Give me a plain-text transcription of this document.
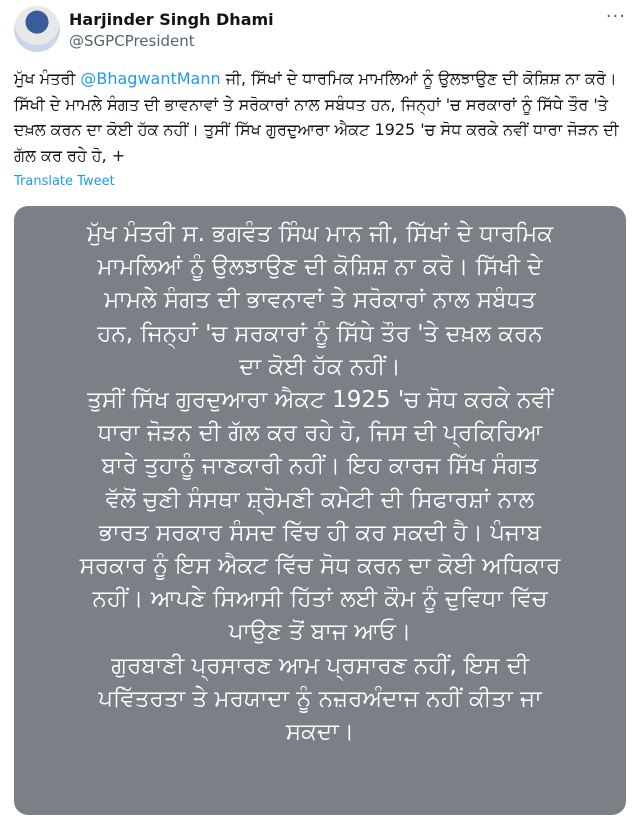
Harjinder Singh Dhami
@SGPCPresident
···
ਮੁੱਖ ਮੰਤਰੀ @BhagwantMann ਜੀ, ਸਿੱਖਾਂ ਦੇ ਧਾਰਮਿਕ ਮਾਮਲਿਆਂ ਨੂੰ ਉਲਝਾਉਣ ਦੀ ਕੋਸ਼ਿਸ਼ ਨਾ ਕਰੋ। ਸਿੱਖੀ ਦੇ ਮਾਮਲੇ ਸੰਗਤ ਦੀ ਭਾਵਨਾਵਾਂ ਤੇ ਸਰੋਕਾਰਾਂ ਨਾਲ ਸਬੰਧਤ ਹਨ, ਜਿਨ੍ਹਾਂ 'ਚ ਸਰਕਾਰਾਂ ਨੂੰ ਸਿੱਧੇ ਤੌਰ 'ਤੇ ਦਖ਼ਲ ਕਰਨ ਦਾ ਕੋਈ ਹੱਕ ਨਹੀਂ। ਤੁਸੀਂ ਸਿੱਖ ਗੁਰਦੁਆਰਾ ਐਕਟ 1925 'ਚ ਸੋਧ ਕਰਕੇ ਨਵੀਂ ਧਾਰਾ ਜੋੜਨ ਦੀ ਗੱਲ ਕਰ ਰਹੇ ਹੋ, +
Translate Tweet
ਮੁੱਖ ਮੰਤਰੀ ਸ. ਭਗਵੰਤ ਸਿੰਘ ਮਾਨ ਜੀ, ਸਿੱਖਾਂ ਦੇ ਧਾਰਮਿਕ
ਮਾਮਲਿਆਂ ਨੂੰ ਉਲਝਾਉਣ ਦੀ ਕੋਸ਼ਿਸ਼ ਨਾ ਕਰੋ। ਸਿੱਖੀ ਦੇ
ਮਾਮਲੇ ਸੰਗਤ ਦੀ ਭਾਵਨਾਵਾਂ ਤੇ ਸਰੋਕਾਰਾਂ ਨਾਲ ਸਬੰਧਤ
ਹਨ, ਜਿਨ੍ਹਾਂ 'ਚ ਸਰਕਾਰਾਂ ਨੂੰ ਸਿੱਧੇ ਤੌਰ 'ਤੇ ਦਖ਼ਲ ਕਰਨ
ਦਾ ਕੋਈ ਹੱਕ ਨਹੀਂ।
ਤੁਸੀਂ ਸਿੱਖ ਗੁਰਦੁਆਰਾ ਐਕਟ 1925 'ਚ ਸੋਧ ਕਰਕੇ ਨਵੀਂ
ਧਾਰਾ ਜੋੜਨ ਦੀ ਗੱਲ ਕਰ ਰਹੇ ਹੋ, ਜਿਸ ਦੀ ਪ੍ਰਕਿਰਿਆ
ਬਾਰੇ ਤੁਹਾਨੂੰ ਜਾਣਕਾਰੀ ਨਹੀਂ। ਇਹ ਕਾਰਜ ਸਿੱਖ ਸੰਗਤ
ਵੱਲੋਂ ਚੁਣੀ ਸੰਸਥਾ ਸ਼੍ਰੋਮਣੀ ਕਮੇਟੀ ਦੀ ਸਿਫਾਰਸ਼ਾਂ ਨਾਲ
ਭਾਰਤ ਸਰਕਾਰ ਸੰਸਦ ਵਿੱਚ ਹੀ ਕਰ ਸਕਦੀ ਹੈ। ਪੰਜਾਬ
ਸਰਕਾਰ ਨੂੰ ਇਸ ਐਕਟ ਵਿੱਚ ਸੋਧ ਕਰਨ ਦਾ ਕੋਈ ਅਧਿਕਾਰ
ਨਹੀਂ। ਆਪਣੇ ਸਿਆਸੀ ਹਿੱਤਾਂ ਲਈ ਕੌਮ ਨੂੰ ਦੁਵਿਧਾ ਵਿੱਚ
ਪਾਉਣ ਤੋਂ ਬਾਜ ਆਓ।
ਗੁਰਬਾਣੀ ਪ੍ਰਸਾਰਣ ਆਮ ਪ੍ਰਸਾਰਣ ਨਹੀਂ, ਇਸ ਦੀ
ਪਵਿੱਤਰਤਾ ਤੇ ਮਰਯਾਦਾ ਨੂੰ ਨਜ਼ਰਅੰਦਾਜ ਨਹੀਂ ਕੀਤਾ ਜਾ
ਸਕਦਾ।
